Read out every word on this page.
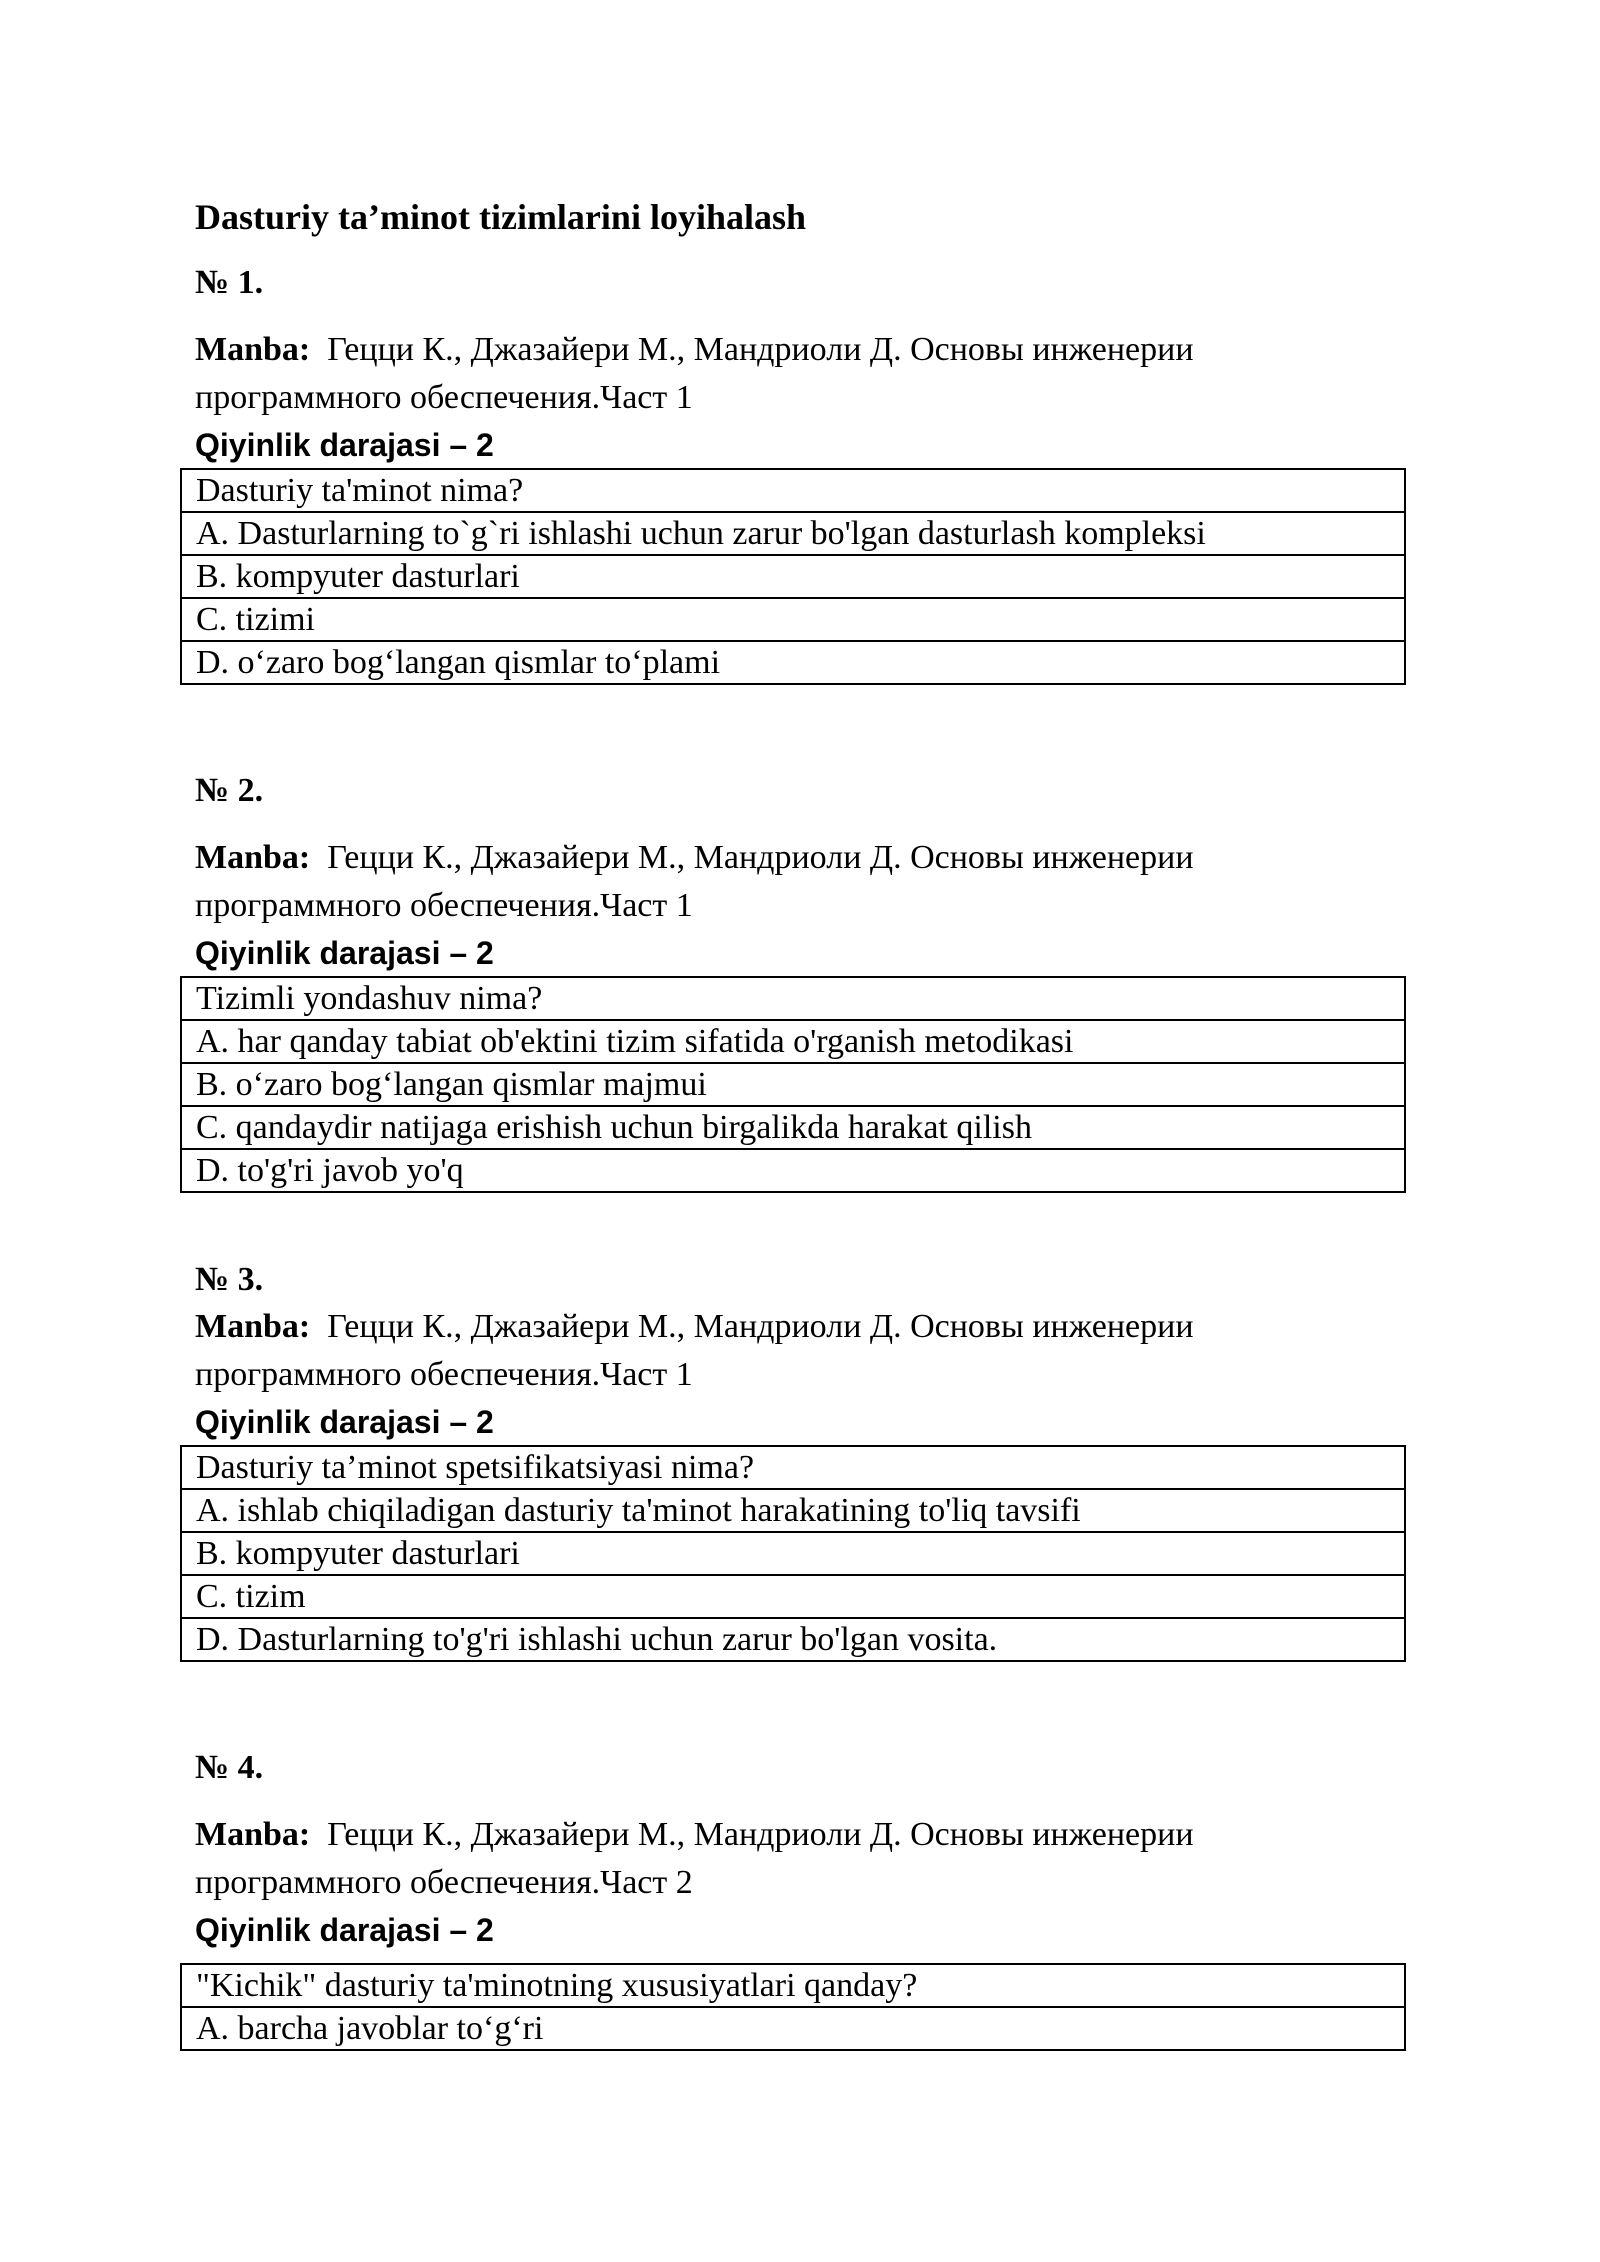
Dasturiy ta’minot tizimlarini loyihalash
№ 1.
Manba: Гецци К., Джазайери М., Мандриоли Д. Основы инженерии
программного обеспечения.Част 1
Qiyinlik darajasi – 2
Dasturiy ta'minot nima?
A. Dasturlarning to`g`ri ishlashi uchun zarur bo'lgan dasturlash kompleksi
B. kompyuter dasturlari
C. tizimi
D. o‘zaro bog‘langan qismlar to‘plami
№ 2.
Manba: Гецци К., Джазайери М., Мандриоли Д. Основы инженерии
программного обеспечения.Част 1
Qiyinlik darajasi – 2
Tizimli yondashuv nima?
A. har qanday tabiat ob'ektini tizim sifatida o'rganish metodikasi
B. o‘zaro bog‘langan qismlar majmui
C. qandaydir natijaga erishish uchun birgalikda harakat qilish
D. to'g'ri javob yo'q
№ 3.
Manba: Гецци К., Джазайери М., Мандриоли Д. Основы инженерии
программного обеспечения.Част 1
Qiyinlik darajasi – 2
Dasturiy ta’minot spetsifikatsiyasi nima?
A. ishlab chiqiladigan dasturiy ta'minot harakatining to'liq tavsifi
B. kompyuter dasturlari
C. tizim
D. Dasturlarning to'g'ri ishlashi uchun zarur bo'lgan vosita.
№ 4.
Manba: Гецци К., Джазайери М., Мандриоли Д. Основы инженерии
программного обеспечения.Част 2
Qiyinlik darajasi – 2
"Kichik" dasturiy ta'minotning xususiyatlari qanday?
A. barcha javoblar to‘g‘ri
